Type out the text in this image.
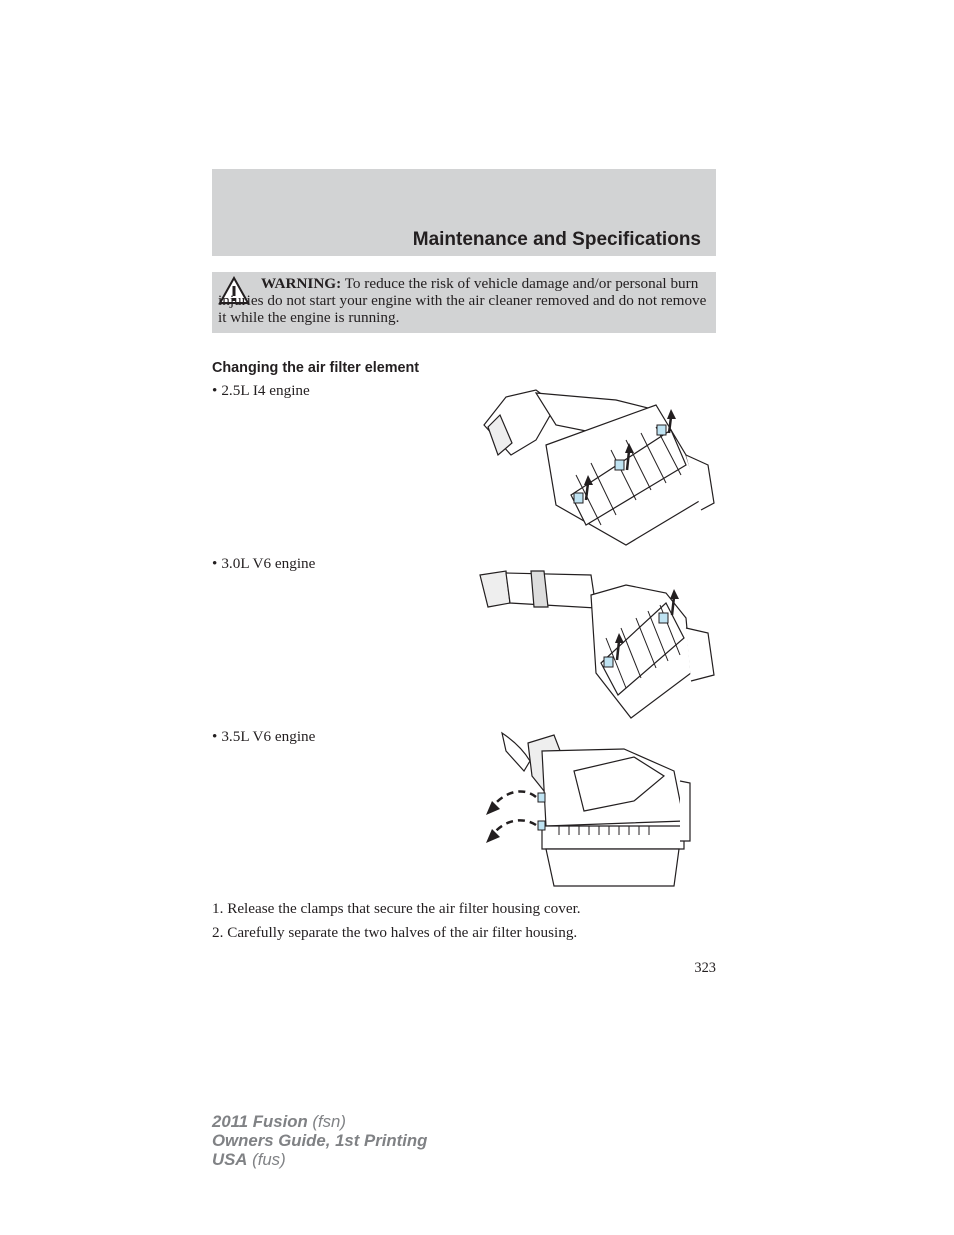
Maintenance and Specifications

WARNING: To reduce the risk of vehicle damage and/or personal burn injuries do not start your engine with the air cleaner removed and do not remove it while the engine is running.

Changing the air filter element

• 2.5L I4 engine

• 3.0L V6 engine

• 3.5L V6 engine

1. Release the clamps that secure the air filter housing cover.

2. Carefully separate the two halves of the air filter housing.

323

2011 Fusion (fsn)
Owners Guide, 1st Printing
USA (fus)
